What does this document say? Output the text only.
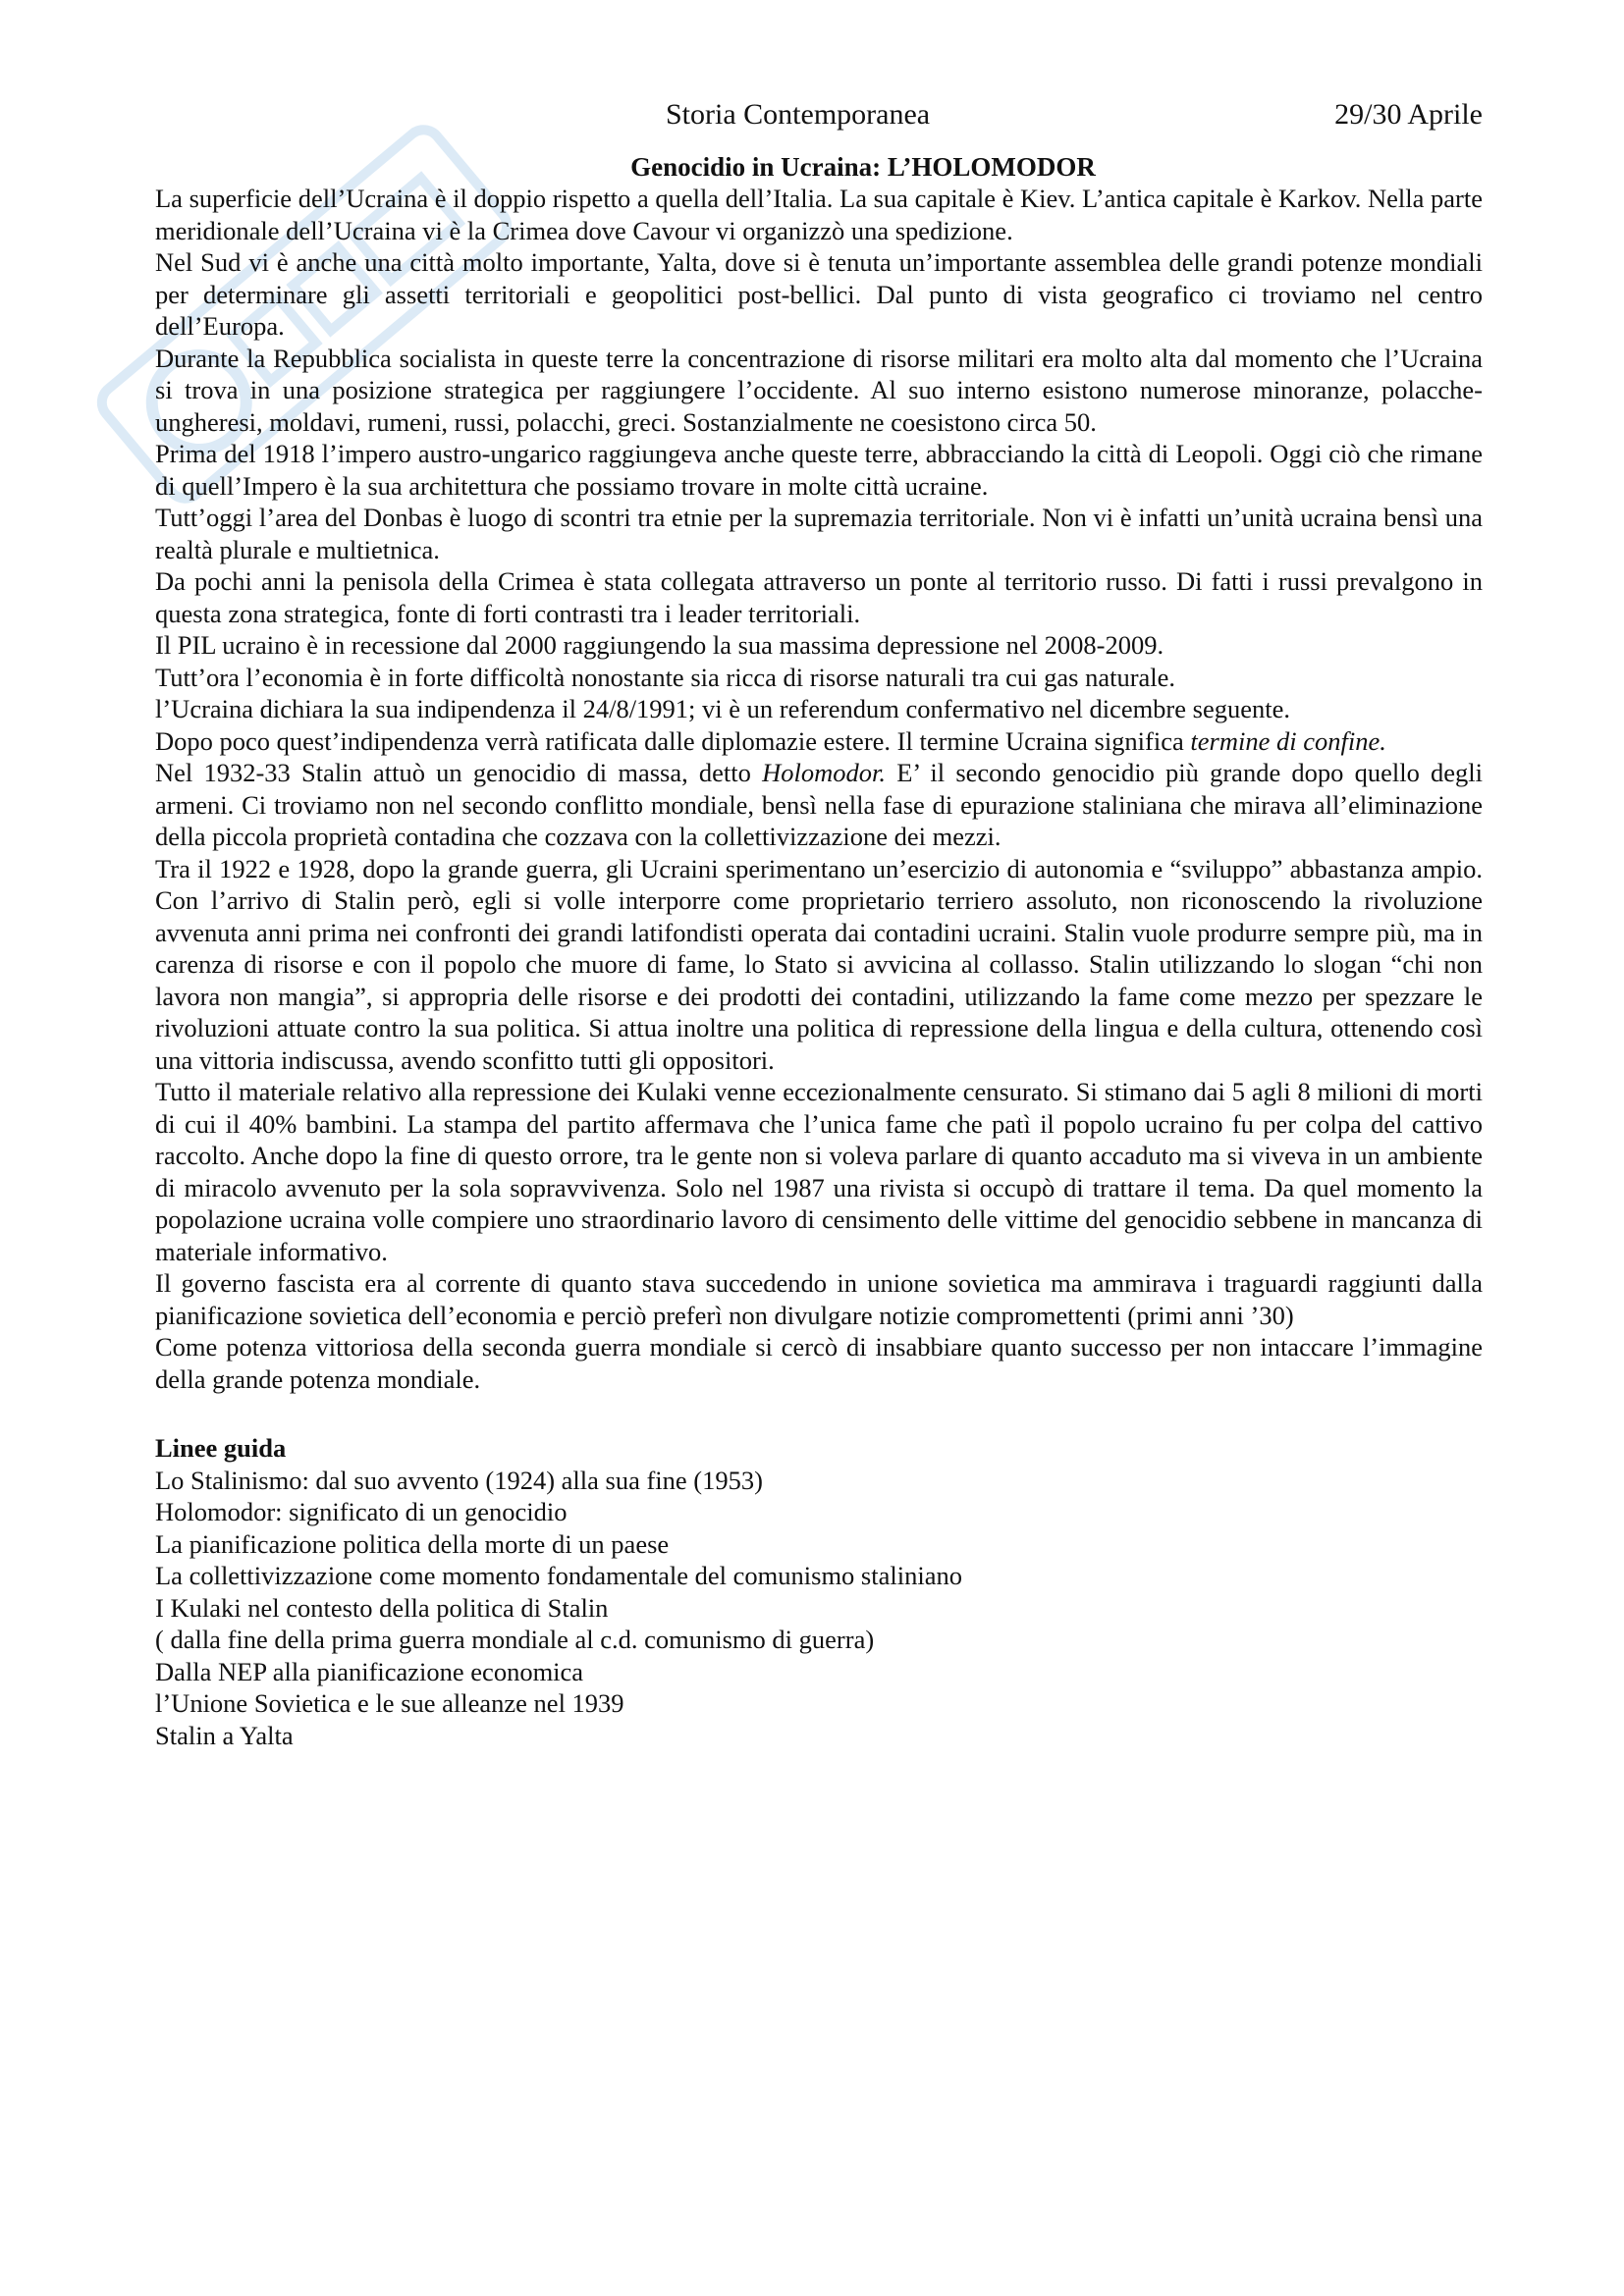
Storia Contemporanea	29/30 Aprile
Genocidio in Ucraina: L’HOLOMODOR

La superficie dell’Ucraina è il doppio rispetto a quella dell’Italia. La sua capitale è Kiev. L’antica capitale è Karkov. Nella parte meridionale dell’Ucraina vi è la Crimea dove Cavour vi organizzò una spedizione.

Nel Sud vi è anche una città molto importante, Yalta, dove si è tenuta un’importante assemblea delle grandi potenze mondiali per determinare gli assetti territoriali e geopolitici post-bellici. Dal punto di vista geografico ci troviamo nel centro dell’Europa.

Durante la Repubblica socialista in queste terre la concentrazione di risorse militari era molto alta dal momento che l’Ucraina si trova in una posizione strategica per raggiungere l’occidente. Al suo interno esistono numerose minoranze, polacche-ungheresi, moldavi, rumeni, russi, polacchi, greci. Sostanzialmente ne coesistono circa 50.

Prima del 1918 l’impero austro-ungarico raggiungeva anche queste terre, abbracciando la città di Leopoli. Oggi ciò che rimane di quell’Impero è la sua architettura che possiamo trovare in molte città ucraine.

Tutt’oggi l’area del Donbas è luogo di scontri tra etnie per la supremazia territoriale. Non vi è infatti un’unità ucraina bensì una realtà plurale e multietnica.

Da pochi anni la penisola della Crimea è stata collegata attraverso un ponte al territorio russo. Di fatti i russi prevalgono in questa zona strategica, fonte di forti contrasti tra i leader territoriali.

Il PIL ucraino è in recessione dal 2000 raggiungendo la sua massima depressione nel 2008-2009.

Tutt’ora l’economia è in forte difficoltà nonostante sia ricca di risorse naturali tra cui gas naturale.

l’Ucraina dichiara la sua indipendenza il 24/8/1991; vi è un referendum confermativo nel dicembre seguente.

Dopo poco quest’indipendenza verrà ratificata dalle diplomazie estere. Il termine Ucraina significa termine di confine.

Nel 1932-33 Stalin attuò un genocidio di massa, detto Holomodor. E’ il secondo genocidio più grande dopo quello degli armeni. Ci troviamo non nel secondo conflitto mondiale, bensì nella fase di epurazione staliniana che mirava all’eliminazione della piccola proprietà contadina che cozzava con la collettivizzazione dei mezzi.

Tra il 1922 e 1928, dopo la grande guerra, gli Ucraini sperimentano un’esercizio di autonomia e “sviluppo” abbastanza ampio. Con l’arrivo di Stalin però, egli si volle interporre come proprietario terriero assoluto, non riconoscendo la rivoluzione avvenuta anni prima nei confronti dei grandi latifondisti operata dai contadini ucraini. Stalin vuole produrre sempre più, ma in carenza di risorse e con il popolo che muore di fame, lo Stato si avvicina al collasso. Stalin utilizzando lo slogan “chi non lavora non mangia”, si appropria delle risorse e dei prodotti dei contadini, utilizzando la fame come mezzo per spezzare le rivoluzioni attuate contro la sua politica. Si attua inoltre una politica di repressione della lingua e della cultura, ottenendo così una vittoria indiscussa, avendo sconfitto tutti gli oppositori.

Tutto il materiale relativo alla repressione dei Kulaki venne eccezionalmente censurato. Si stimano dai 5 agli 8 milioni di morti di cui il 40% bambini. La stampa del partito affermava che l’unica fame che patì il popolo ucraino fu per colpa del cattivo raccolto. Anche dopo la fine di questo orrore, tra le gente non si voleva parlare di quanto accaduto ma si viveva in un ambiente di miracolo avvenuto per la sola sopravvivenza. Solo nel 1987 una rivista si occupò di trattare il tema. Da quel momento la popolazione ucraina volle compiere uno straordinario lavoro di censimento delle vittime del genocidio sebbene in mancanza di materiale informativo.

Il governo fascista era al corrente di quanto stava succedendo in unione sovietica ma ammirava i traguardi raggiunti dalla pianificazione sovietica dell’economia e perciò preferì non divulgare notizie compromettenti (primi anni ’30)

Come potenza vittoriosa della seconda guerra mondiale si cercò di insabbiare quanto successo per non intaccare l’immagine della grande potenza mondiale.

Linee guida
Lo Stalinismo: dal suo avvento (1924) alla sua fine (1953)
Holomodor: significato di un genocidio
La pianificazione politica della morte di un paese
La collettivizzazione come momento fondamentale del comunismo staliniano
I Kulaki nel contesto della politica di Stalin
( dalla fine della prima guerra mondiale al c.d. comunismo di guerra)
Dalla NEP alla pianificazione economica
l’Unione Sovietica e le sue alleanze nel 1939
Stalin a Yalta
